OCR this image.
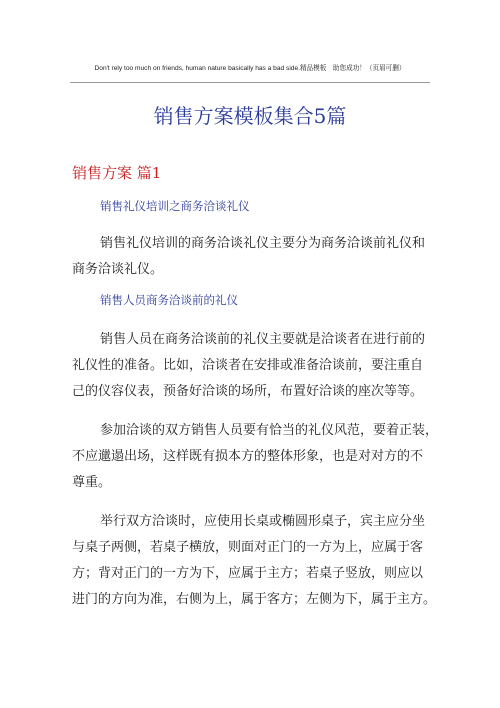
Don't rely too much on friends, human nature basically has a bad side.精品模板　助您成功！（页眉可删）
销售方案模板集合5篇
销售方案 篇1
销售礼仪培训之商务洽谈礼仪
销售礼仪培训的商务洽谈礼仪主要分为商务洽谈前礼仪和
商务洽谈礼仪。
销售人员商务洽谈前的礼仪
销售人员在商务洽谈前的礼仪主要就是洽谈者在进行前的
礼仪性的准备。比如，洽谈者在安排或准备洽谈前，要注重自
己的仪容仪表，预备好洽谈的场所，布置好洽谈的座次等等。
参加洽谈的双方销售人员要有恰当的礼仪风范，要着正装，
不应邋遢出场，这样既有损本方的整体形象，也是对对方的不
尊重。
举行双方洽谈时，应使用长桌或椭圆形桌子，宾主应分坐
与桌子两侧，若桌子横放，则面对正门的一方为上，应属于客
方；背对正门的一方为下，应属于主方；若桌子竖放，则应以
进门的方向为准，右侧为上，属于客方；左侧为下，属于主方。
